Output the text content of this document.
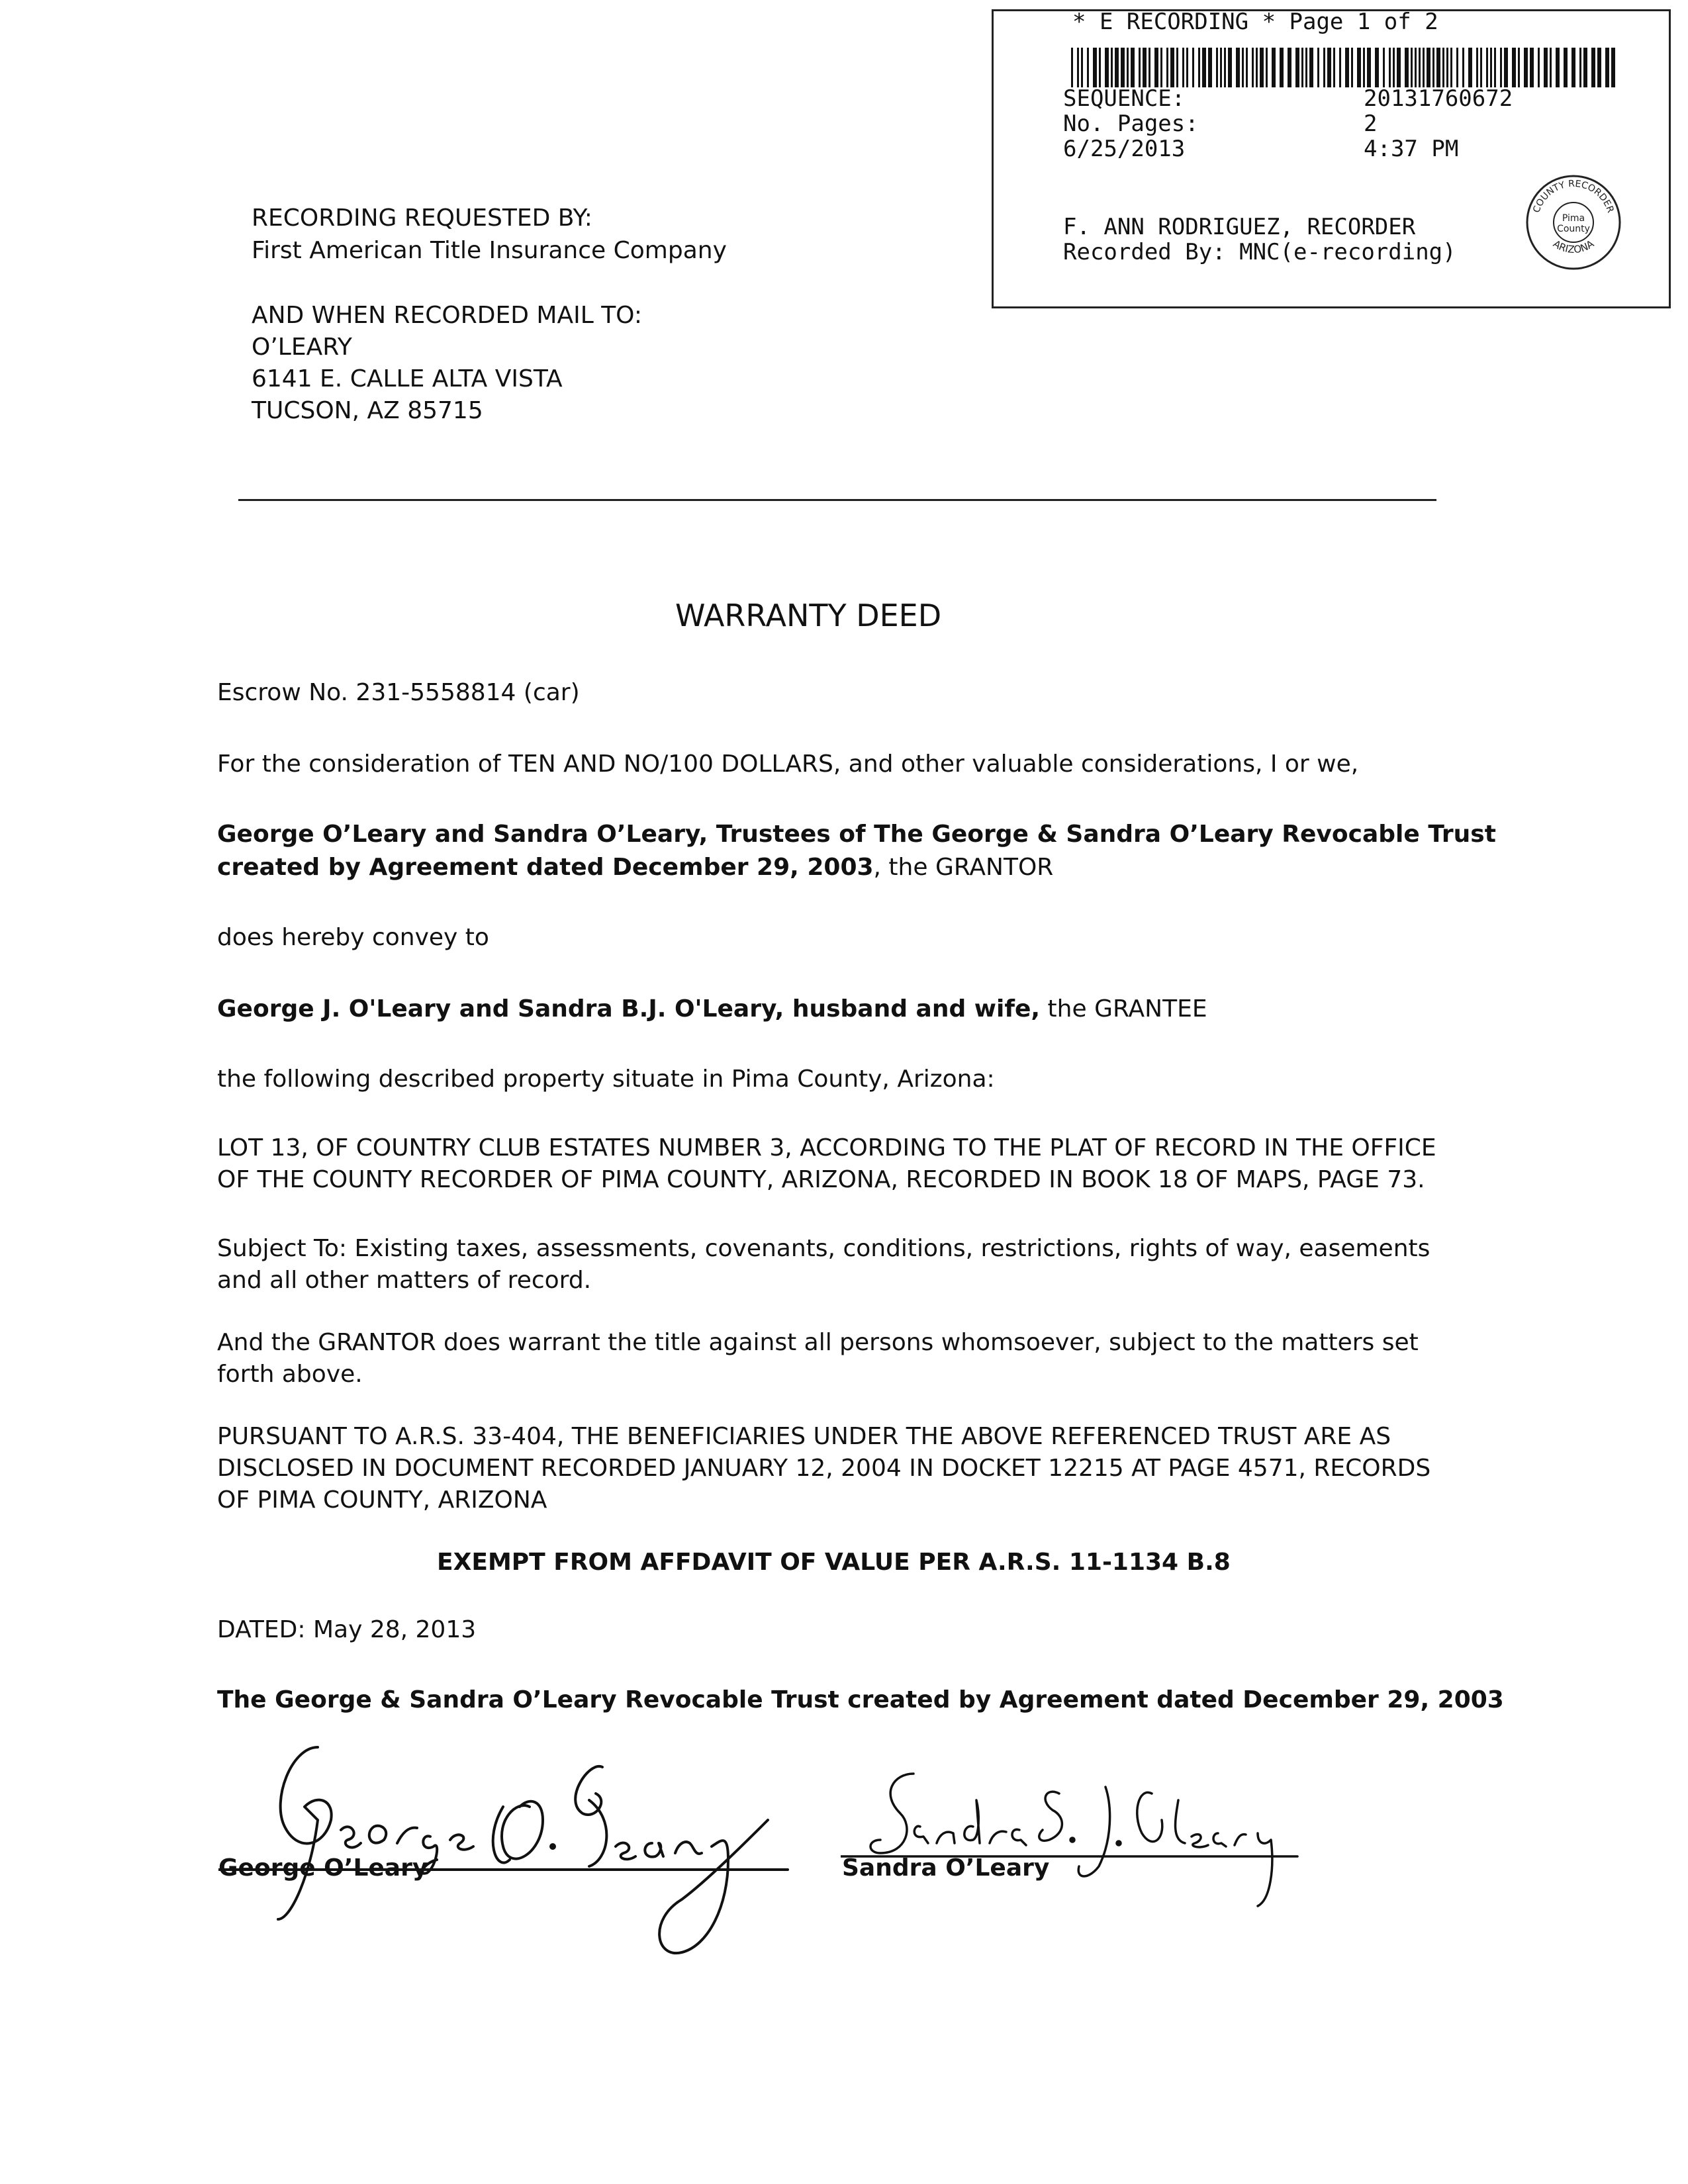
* E RECORDING * Page 1 of 2
SEQUENCE:	20131760672
No. Pages:	2
6/25/2013	4:37 PM
F. ANN RODRIGUEZ, RECORDER
Recorded By: MNC(e-recording)
COUNTY RECORDER
ARIZONA
Pima
County
RECORDING REQUESTED BY:
First American Title Insurance Company
AND WHEN RECORDED MAIL TO:
O’LEARY
6141 E. CALLE ALTA VISTA
TUCSON, AZ 85715
WARRANTY DEED
Escrow No. 231-5558814 (car)
For the consideration of TEN AND NO/100 DOLLARS, and other valuable considerations, I or we,
George O’Leary and Sandra O’Leary, Trustees of The George & Sandra O’Leary Revocable Trust
created by Agreement dated December 29, 2003, the GRANTOR
does hereby convey to
George J. O'Leary and Sandra B.J. O'Leary, husband and wife, the GRANTEE
the following described property situate in Pima County, Arizona:
LOT 13, OF COUNTRY CLUB ESTATES NUMBER 3, ACCORDING TO THE PLAT OF RECORD IN THE OFFICE
OF THE COUNTY RECORDER OF PIMA COUNTY, ARIZONA, RECORDED IN BOOK 18 OF MAPS, PAGE 73.
Subject To: Existing taxes, assessments, covenants, conditions, restrictions, rights of way, easements
and all other matters of record.
And the GRANTOR does warrant the title against all persons whomsoever, subject to the matters set
forth above.
PURSUANT TO A.R.S. 33-404, THE BENEFICIARIES UNDER THE ABOVE REFERENCED TRUST ARE AS
DISCLOSED IN DOCUMENT RECORDED JANUARY 12, 2004 IN DOCKET 12215 AT PAGE 4571, RECORDS
OF PIMA COUNTY, ARIZONA
EXEMPT FROM AFFDAVIT OF VALUE PER A.R.S. 11-1134 B.8
DATED: May 28, 2013
The George & Sandra O’Leary Revocable Trust created by Agreement dated December 29, 2003
George O’Leary	Sandra O’Leary
